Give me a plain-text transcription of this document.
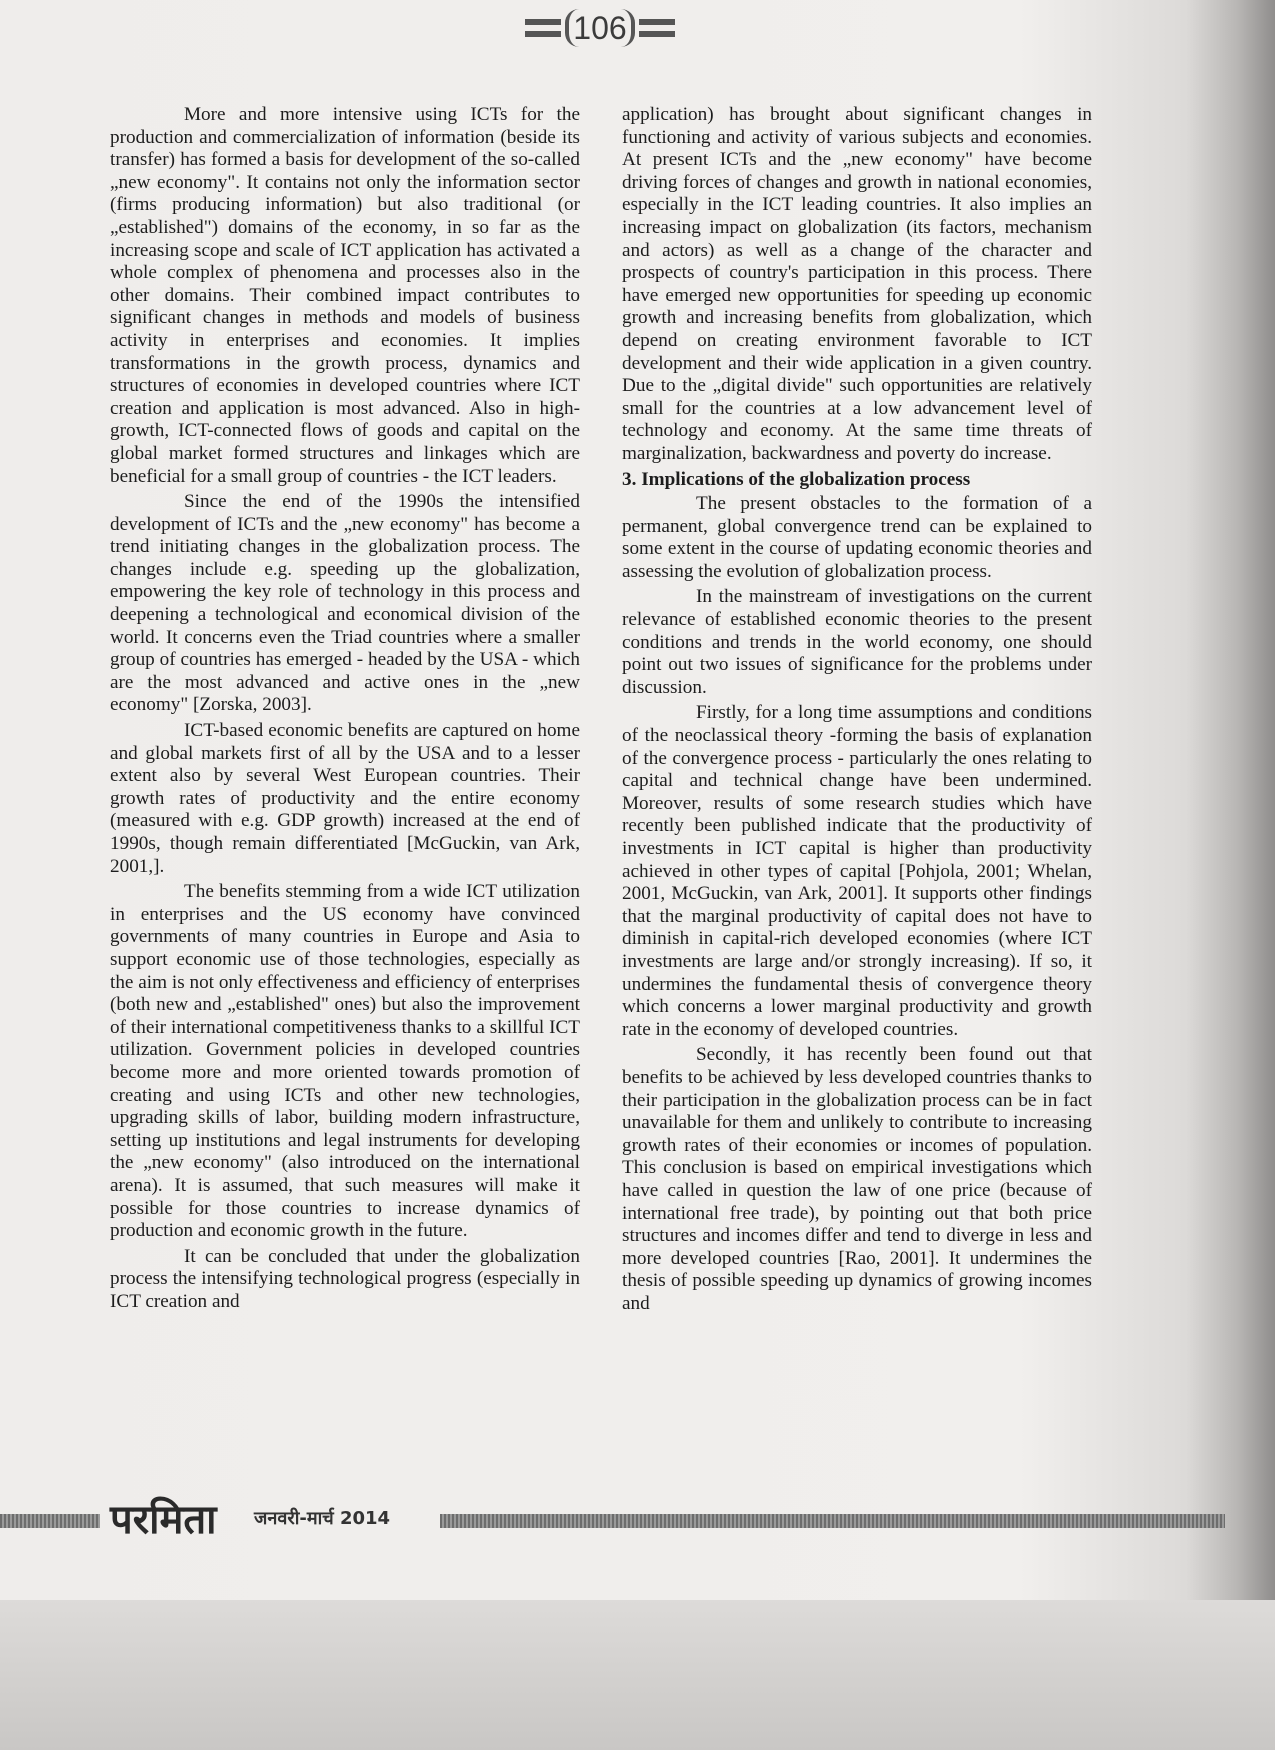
106

More and more intensive using ICTs for the production and commercialization of information (beside its transfer) has formed a basis for development of the so-called „new economy". It contains not only the information sector (firms producing information) but also traditional (or „established") domains of the economy, in so far as the increasing scope and scale of ICT application has activated a whole complex of phenomena and processes also in the other domains. Their combined impact contributes to significant changes in methods and models of business activity in enterprises and economies. It implies transformations in the growth process, dynamics and structures of economies in developed countries where ICT creation and application is most advanced. Also in high-growth, ICT-connected flows of goods and capital on the global market formed structures and linkages which are beneficial for a small group of countries - the ICT leaders.

Since the end of the 1990s the intensified development of ICTs and the „new economy" has become a trend initiating changes in the globalization process. The changes include e.g. speeding up the globalization, empowering the key role of technology in this process and deepening a technological and economical division of the world. It concerns even the Triad countries where a smaller group of countries has emerged - headed by the USA - which are the most advanced and active ones in the „new economy" [Zorska, 2003].

ICT-based economic benefits are captured on home and global markets first of all by the USA and to a lesser extent also by several West European countries. Their growth rates of productivity and the entire economy (measured with e.g. GDP growth) increased at the end of 1990s, though remain differentiated [McGuckin, van Ark, 2001,].

The benefits stemming from a wide ICT utilization in enterprises and the US economy have convinced governments of many countries in Europe and Asia to support economic use of those technologies, especially as the aim is not only effectiveness and efficiency of enterprises (both new and „established" ones) but also the improvement of their international competitiveness thanks to a skillful ICT utilization. Government policies in developed countries become more and more oriented towards promotion of creating and using ICTs and other new technologies, upgrading skills of labor, building modern infrastructure, setting up institutions and legal instruments for developing the „new economy" (also introduced on the international arena). It is assumed, that such measures will make it possible for those countries to increase dynamics of production and economic growth in the future.

It can be concluded that under the globalization process the intensifying technological progress (especially in ICT creation and

application) has brought about significant changes in functioning and activity of various subjects and economies. At present ICTs and the „new economy" have become driving forces of changes and growth in national economies, especially in the ICT leading countries. It also implies an increasing impact on globalization (its factors, mechanism and actors) as well as a change of the character and prospects of country's participation in this process. There have emerged new opportunities for speeding up economic growth and increasing benefits from globalization, which depend on creating environment favorable to ICT development and their wide application in a given country. Due to the „digital divide" such opportunities are relatively small for the countries at a low advancement level of technology and economy. At the same time threats of marginalization, backwardness and poverty do increase.

3. Implications of the globalization process

The present obstacles to the formation of a permanent, global convergence trend can be explained to some extent in the course of updating economic theories and assessing the evolution of globalization process.

In the mainstream of investigations on the current relevance of established economic theories to the present conditions and trends in the world economy, one should point out two issues of significance for the problems under discussion.

Firstly, for a long time assumptions and conditions of the neoclassical theory -forming the basis of explanation of the convergence process - particularly the ones relating to capital and technical change have been undermined. Moreover, results of some research studies which have recently been published indicate that the productivity of investments in ICT capital is higher than productivity achieved in other types of capital [Pohjola, 2001; Whelan, 2001, McGuckin, van Ark, 2001]. It supports other findings that the marginal productivity of capital does not have to diminish in capital-rich developed economies (where ICT investments are large and/or strongly increasing). If so, it undermines the fundamental thesis of convergence theory which concerns a lower marginal productivity and growth rate in the economy of developed countries.

Secondly, it has recently been found out that benefits to be achieved by less developed countries thanks to their participation in the globalization process can be in fact unavailable for them and unlikely to contribute to increasing growth rates of their economies or incomes of population. This conclusion is based on empirical investigations which have called in question the law of one price (because of international free trade), by pointing out that both price structures and incomes differ and tend to diverge in less and more developed countries [Rao, 2001]. It undermines the thesis of possible speeding up dynamics of growing incomes and

परमिता जनवरी-मार्च 2014
